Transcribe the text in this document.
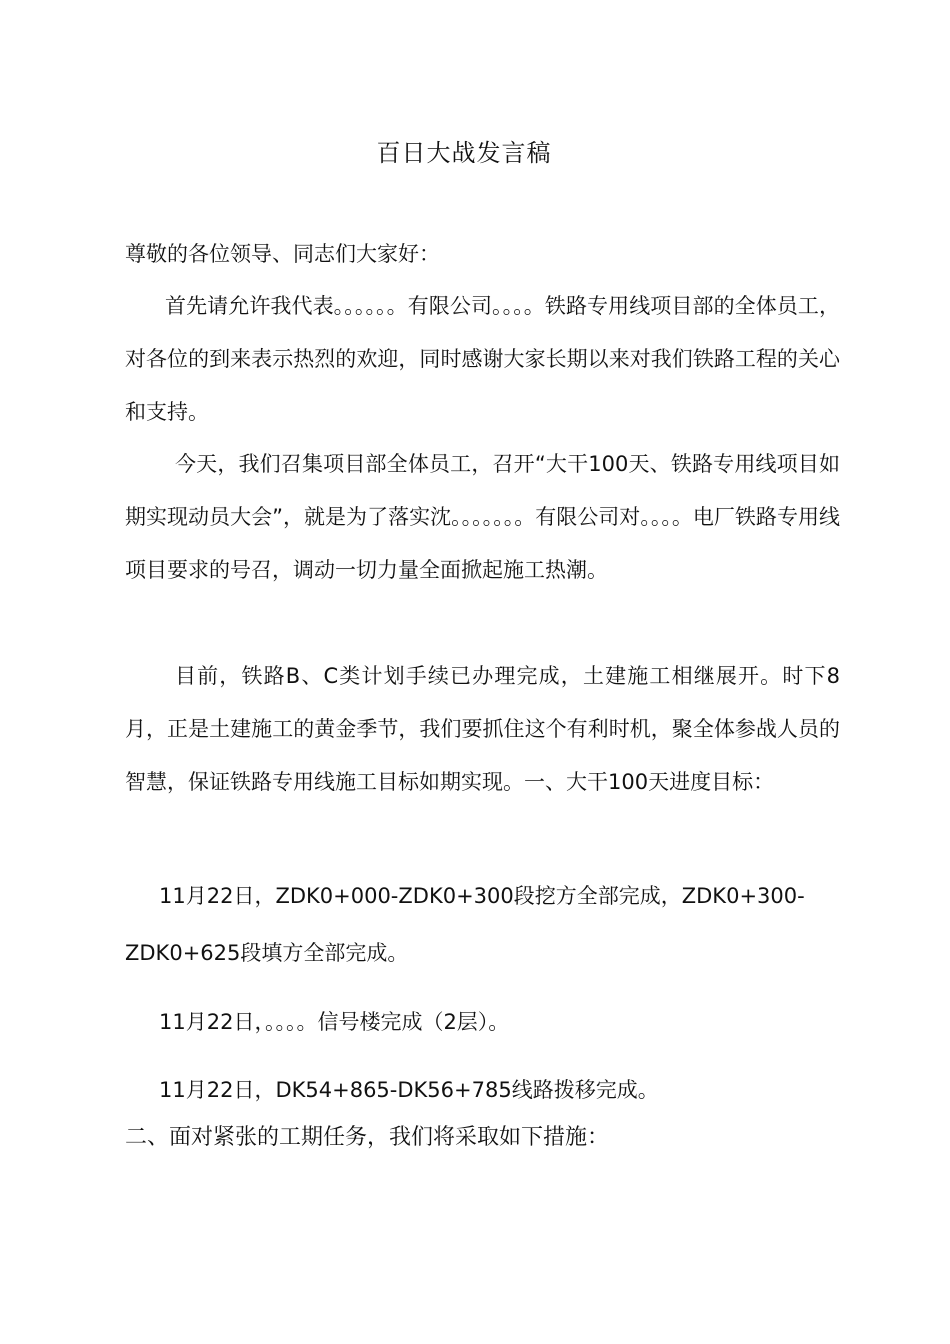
百日大战发言稿
尊敬的各位领导、同志们大家好：
首先请允许我代表。。。。。。有限公司。。。。铁路专用线项目部的全体员工，对各位的到来表示热烈的欢迎，同时感谢大家长期以来对我们铁路工程的关心和支持。
今天，我们召集项目部全体员工，召开“大干100天、铁路专用线项目如期实现动员大会”，就是为了落实沈。。。。。。。有限公司对。。。。电厂铁路专用线项目要求的号召，调动一切力量全面掀起施工热潮。
目前，铁路B、C类计划手续已办理完成，土建施工相继展开。时下8月，正是土建施工的黄金季节，我们要抓住这个有利时机，聚全体参战人员的智慧，保证铁路专用线施工目标如期实现。一、大干100天进度目标：
11月22日，ZDK0+000-ZDK0+300段挖方全部完成，ZDK0+300-ZDK0+625段填方全部完成。
11月22日，。。。。信号楼完成（2层）。
11月22日，DK54+865-DK56+785线路拨移完成。
二、面对紧张的工期任务，我们将采取如下措施：
